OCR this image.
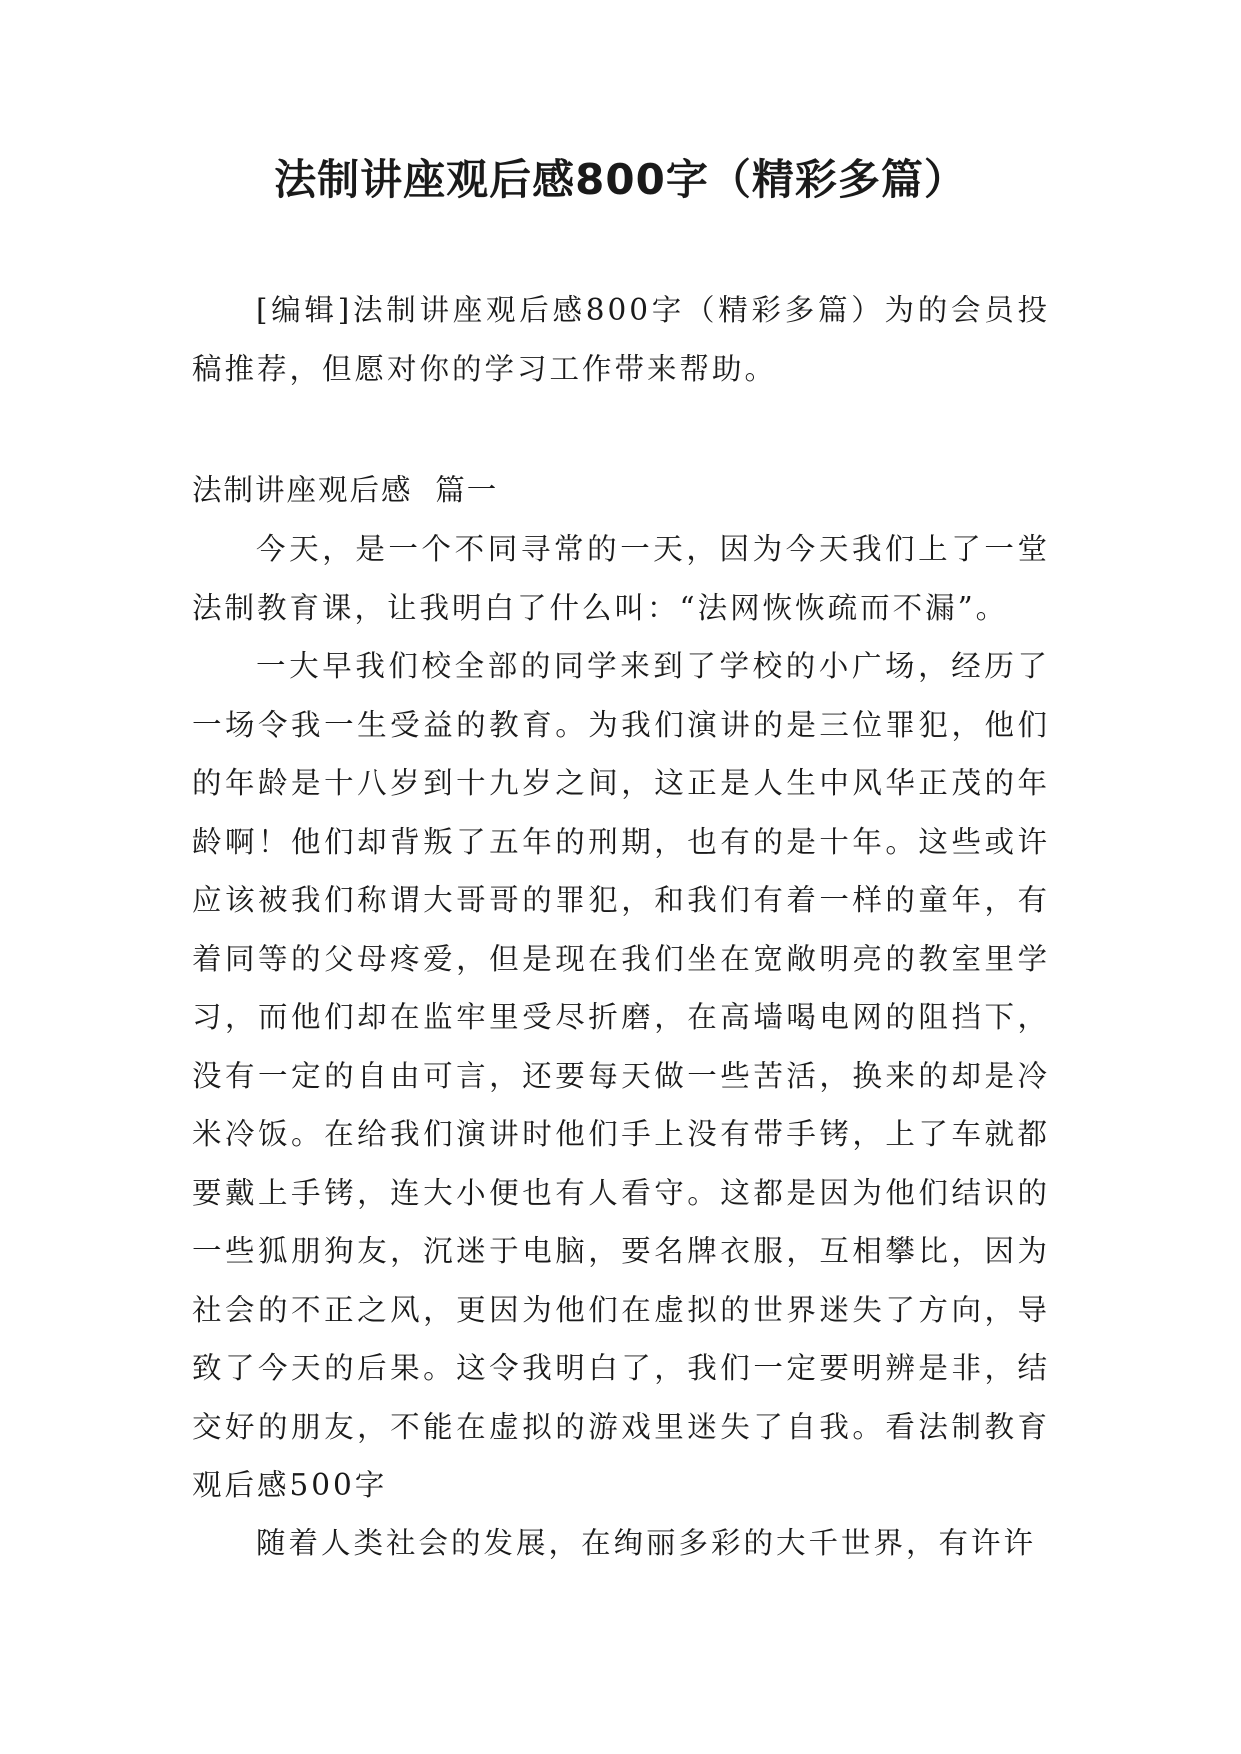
法制讲座观后感800字（精彩多篇）

[编辑]法制讲座观后感800字（精彩多篇）为的会员投稿推荐，但愿对你的学习工作带来帮助。

法制讲座观后感  篇一

今天，是一个不同寻常的一天，因为今天我们上了一堂法制教育课，让我明白了什么叫：“法网恢恢疏而不漏”。

一大早我们校全部的同学来到了学校的小广场，经历了一场令我一生受益的教育。为我们演讲的是三位罪犯，他们的年龄是十八岁到十九岁之间，这正是人生中风华正茂的年龄啊！他们却背叛了五年的刑期，也有的是十年。这些或许应该被我们称谓大哥哥的罪犯，和我们有着一样的童年，有着同等的父母疼爱，但是现在我们坐在宽敞明亮的教室里学习，而他们却在监牢里受尽折磨，在高墙喝电网的阻挡下，没有一定的自由可言，还要每天做一些苦活，换来的却是冷米冷饭。在给我们演讲时他们手上没有带手铐，上了车就都要戴上手铐，连大小便也有人看守。这都是因为他们结识的一些狐朋狗友，沉迷于电脑，要名牌衣服，互相攀比，因为社会的不正之风，更因为他们在虚拟的世界迷失了方向，导致了今天的后果。这令我明白了，我们一定要明辨是非，结交好的朋友，不能在虚拟的游戏里迷失了自我。看法制教育观后感500字

随着人类社会的发展，在绚丽多彩的大千世界，有许许
